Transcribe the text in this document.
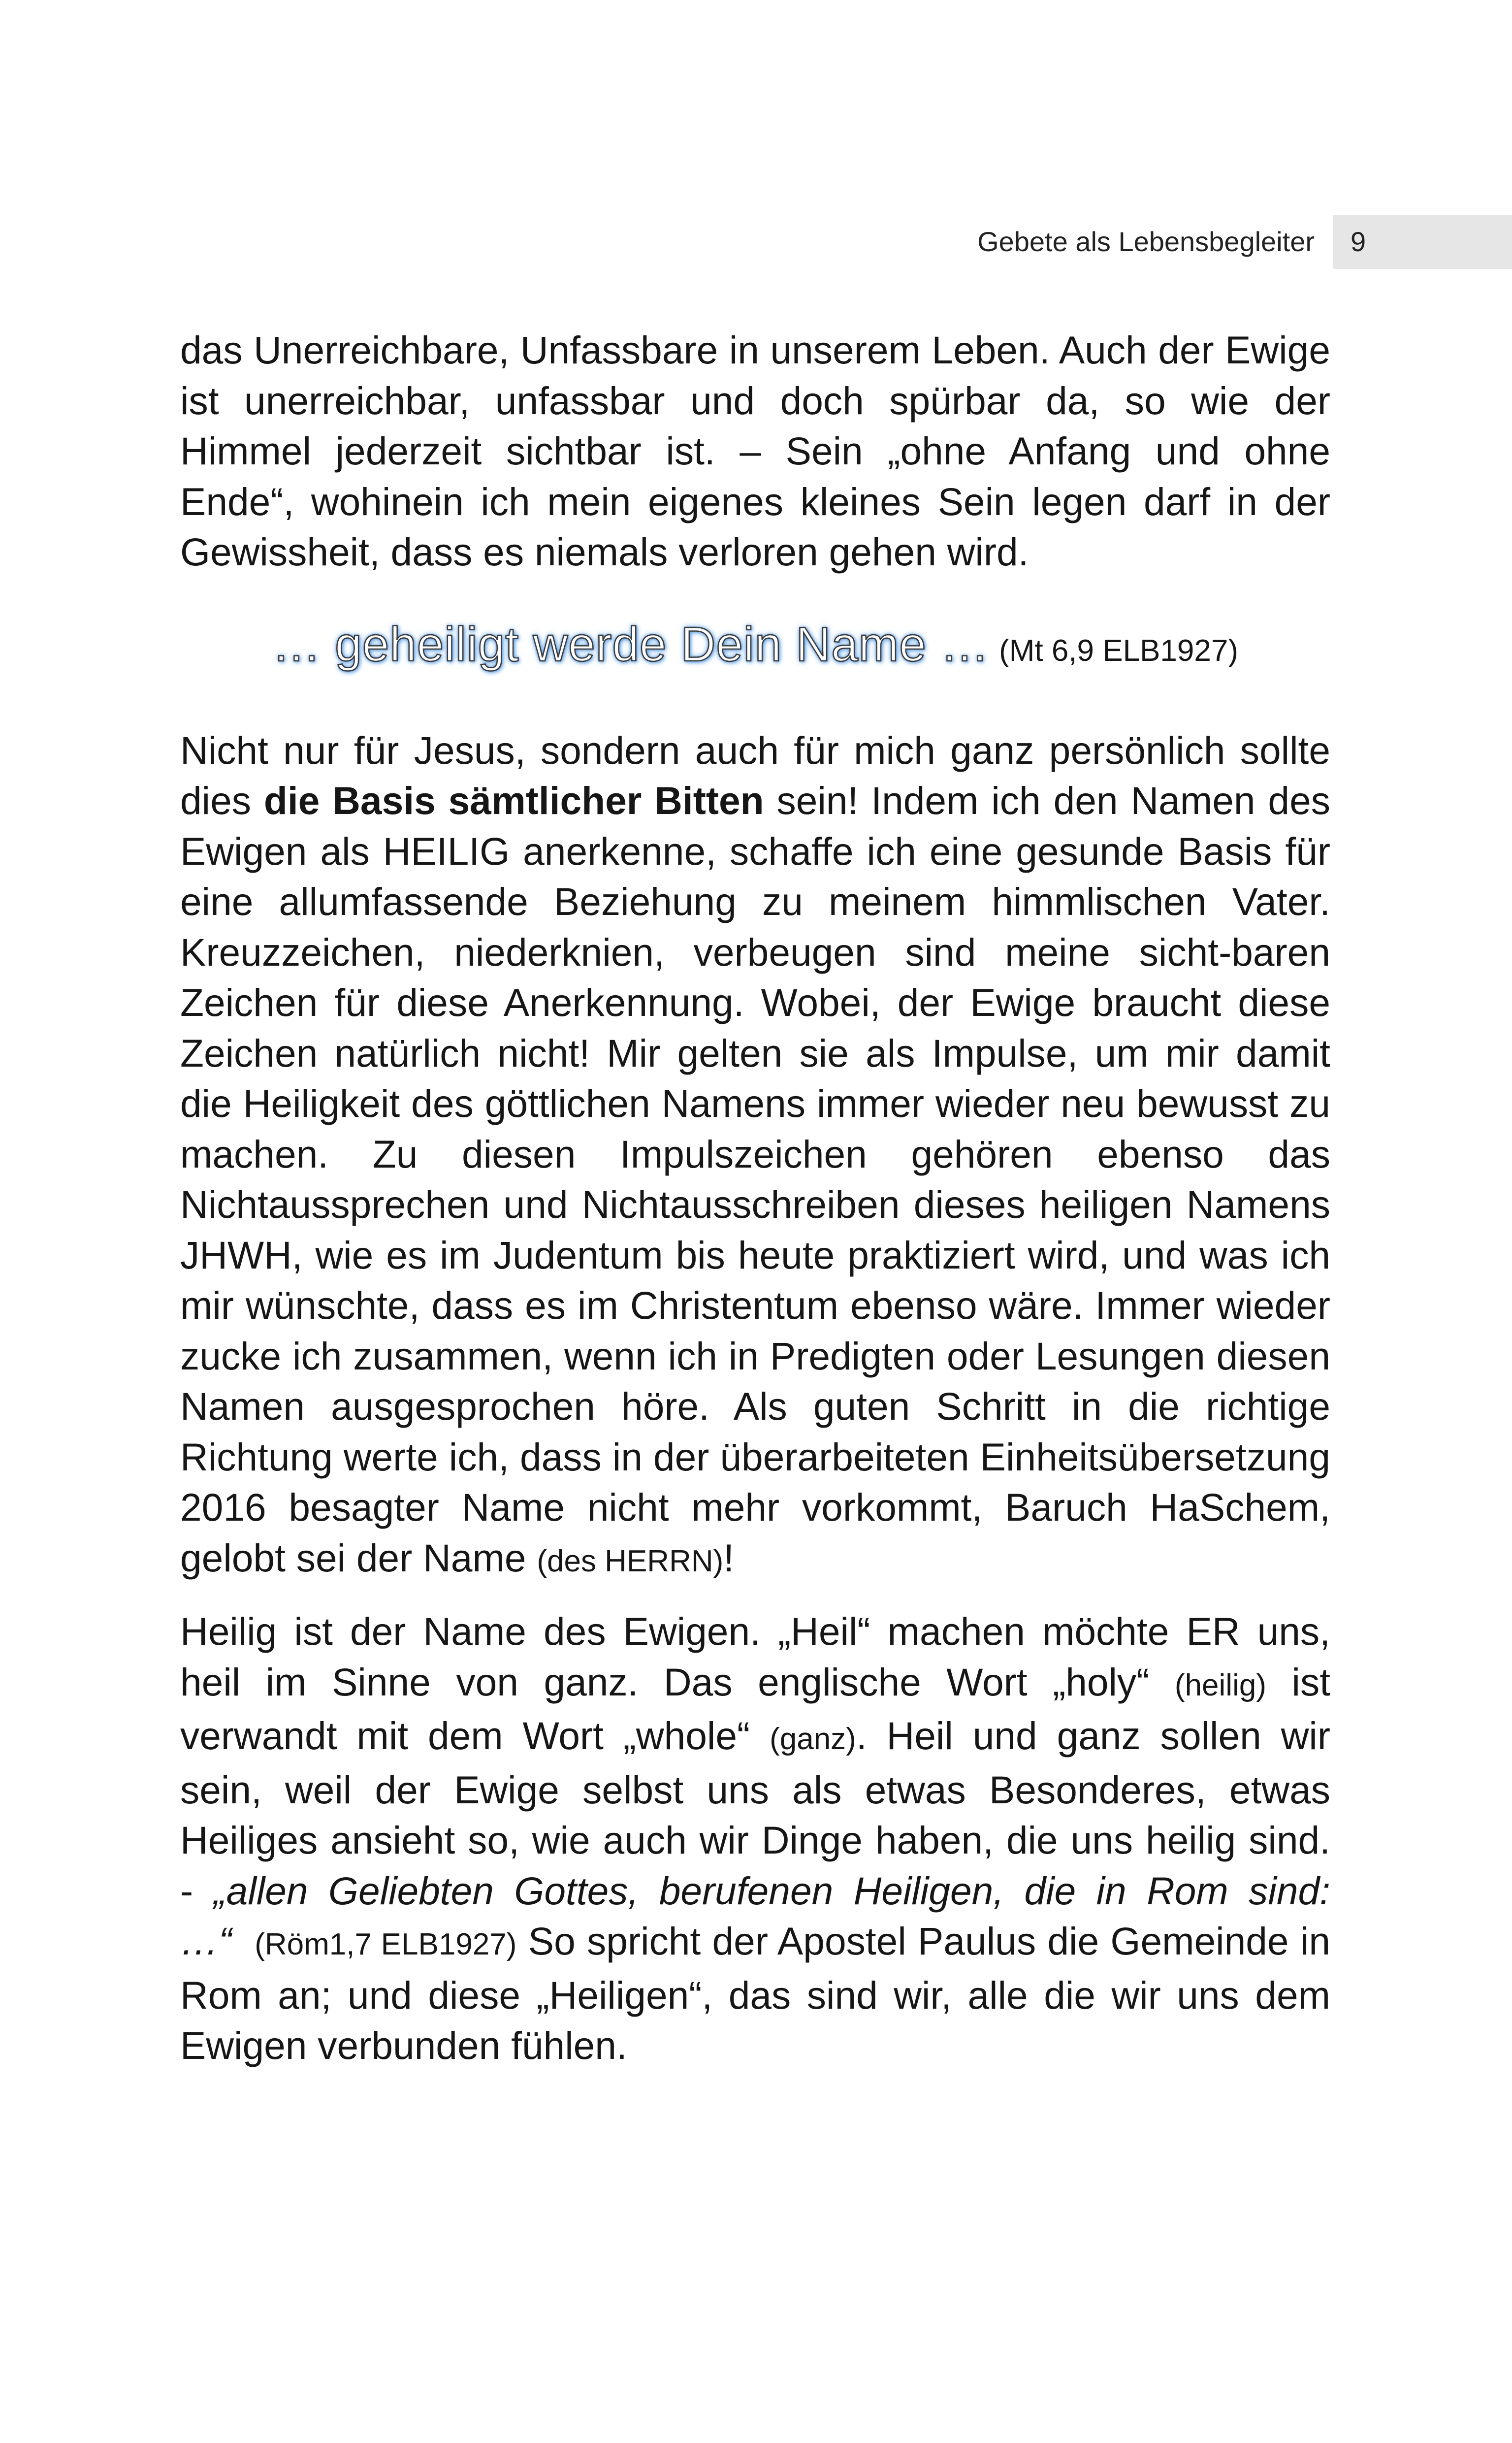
Gebete als Lebensbegleiter 9

das Unerreichbare, Unfassbare in unserem Leben. Auch der Ewige ist unerreichbar, unfassbar und doch spürbar da, so wie der Himmel jederzeit sichtbar ist. – Sein „ohne Anfang und ohne Ende“, wohinein ich mein eigenes kleines Sein legen darf in der Gewissheit, dass es niemals verloren gehen wird.

… geheiligt werde Dein Name … (Mt 6,9 ELB1927)

Nicht nur für Jesus, sondern auch für mich ganz persönlich sollte dies die Basis sämtlicher Bitten sein! Indem ich den Namen des Ewigen als HEILIG anerkenne, schaffe ich eine gesunde Basis für eine allumfassende Beziehung zu meinem himmlischen Vater. Kreuzzeichen, niederknien, verbeugen sind meine sicht-baren Zeichen für diese Anerkennung. Wobei, der Ewige braucht diese Zeichen natürlich nicht! Mir gelten sie als Impulse, um mir damit die Heiligkeit des göttlichen Namens immer wieder neu bewusst zu machen. Zu diesen Impulszeichen gehören ebenso das Nichtaussprechen und Nichtausschreiben dieses heiligen Namens JHWH, wie es im Judentum bis heute praktiziert wird, und was ich mir wünschte, dass es im Christentum ebenso wäre. Immer wieder zucke ich zusammen, wenn ich in Predigten oder Lesungen diesen Namen ausgesprochen höre. Als guten Schritt in die richtige Richtung werte ich, dass in der überarbeiteten Einheitsübersetzung 2016 besagter Name nicht mehr vorkommt, Baruch HaSchem, gelobt sei der Name (des HERRN)!

Heilig ist der Name des Ewigen. „Heil“ machen möchte ER uns, heil im Sinne von ganz. Das englische Wort „holy“ (heilig) ist verwandt mit dem Wort „whole“ (ganz). Heil und ganz sollen wir sein, weil der Ewige selbst uns als etwas Besonderes, etwas Heiliges ansieht so, wie auch wir Dinge haben, die uns heilig sind. - „allen Geliebten Gottes, berufenen Heiligen, die in Rom sind: …“ (Röm1,7 ELB1927) So spricht der Apostel Paulus die Gemeinde in Rom an; und diese „Heiligen“, das sind wir, alle die wir uns dem Ewigen verbunden fühlen.
